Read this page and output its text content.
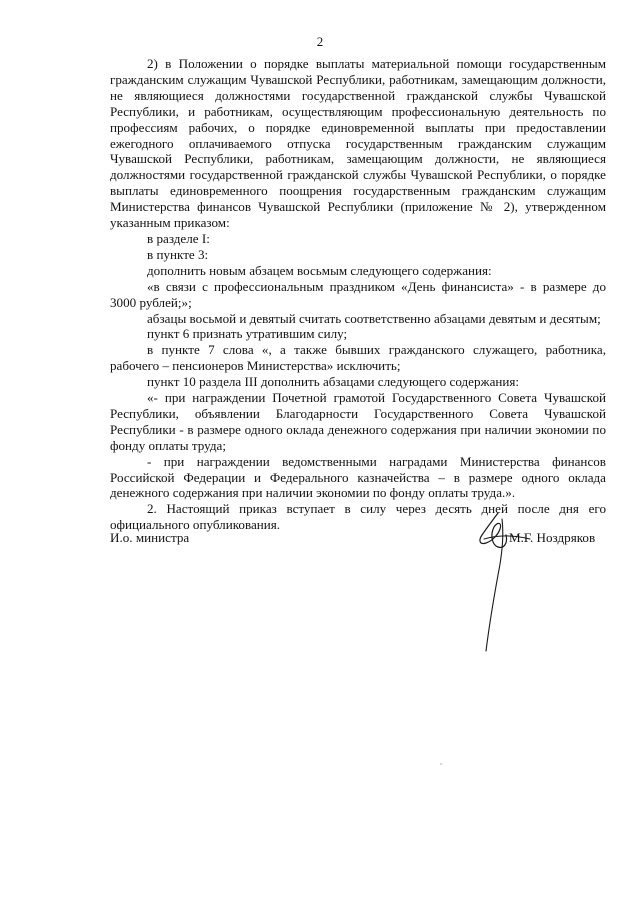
2

2) в Положении о порядке выплаты материальной помощи государственным гражданским служащим Чувашской Республики, работникам, замещающим должности, не являющиеся должностями государственной гражданской службы Чувашской Республики, и работникам, осуществляющим профессиональную деятельность по профессиям рабочих, о порядке единовременной выплаты при предоставлении ежегодного оплачиваемого отпуска государственным гражданским служащим Чувашской Республики, работникам, замещающим должности, не являющиеся должностями государственной гражданской службы Чувашской Республики, о порядке выплаты единовременного поощрения государственным гражданским служащим Министерства финансов Чувашской Республики (приложение № 2), утвержденном указанным приказом:

в разделе I:

в пункте 3:

дополнить новым абзацем восьмым следующего содержания:

«в связи с профессиональным праздником «День финансиста» - в размере до 3000 рублей;»;

абзацы восьмой и девятый считать соответственно абзацами девятым и десятым;

пункт 6 признать утратившим силу;

в пункте 7 слова «, а также бывших гражданского служащего, работника, рабочего – пенсионеров Министерства» исключить;

пункт 10 раздела III дополнить абзацами следующего содержания:

«- при награждении Почетной грамотой Государственного Совета Чувашской Республики, объявлении Благодарности Государственного Совета Чувашской Республики - в размере одного оклада денежного содержания при наличии экономии по фонду оплаты труда;

- при награждении ведомственными наградами Министерства финансов Российской Федерации и Федерального казначейства – в размере одного оклада денежного содержания при наличии экономии по фонду оплаты труда.».

2. Настоящий приказ вступает в силу через десять дней после дня его официального опубликования.

И.о. министра	М.Г. Ноздряков
